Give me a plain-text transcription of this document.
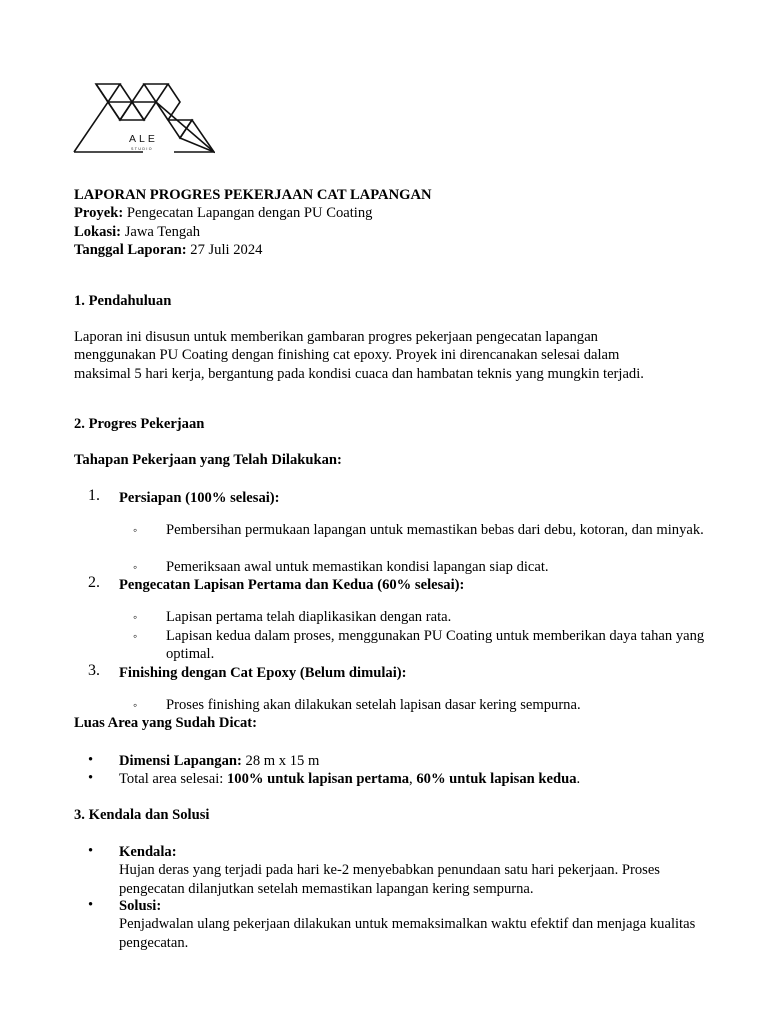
ALE
STUDIO

LAPORAN PROGRES PEKERJAAN CAT LAPANGAN

Proyek: Pengecatan Lapangan dengan PU Coating

Lokasi: Jawa Tengah

Tanggal Laporan: 27 Juli 2024

1. Pendahuluan

Laporan ini disusun untuk memberikan gambaran progres pekerjaan pengecatan lapangan

menggunakan PU Coating dengan finishing cat epoxy. Proyek ini direncanakan selesai dalam

maksimal 5 hari kerja, bergantung pada kondisi cuaca dan hambatan teknis yang mungkin terjadi.

2. Progres Pekerjaan

Tahapan Pekerjaan yang Telah Dilakukan:

1. Persiapan (100% selesai):

◦ Pembersihan permukaan lapangan untuk memastikan bebas dari debu, kotoran, dan minyak.

◦ Pemeriksaan awal untuk memastikan kondisi lapangan siap dicat.

2. Pengecatan Lapisan Pertama dan Kedua (60% selesai):

◦ Lapisan pertama telah diaplikasikan dengan rata.

◦ Lapisan kedua dalam proses, menggunakan PU Coating untuk memberikan daya tahan yang optimal.

3. Finishing dengan Cat Epoxy (Belum dimulai):

◦ Proses finishing akan dilakukan setelah lapisan dasar kering sempurna.

Luas Area yang Sudah Dicat:

• Dimensi Lapangan: 28 m x 15 m

• Total area selesai: 100% untuk lapisan pertama, 60% untuk lapisan kedua.

3. Kendala dan Solusi

• Kendala:

Hujan deras yang terjadi pada hari ke-2 menyebabkan penundaan satu hari pekerjaan. Proses pengecatan dilanjutkan setelah memastikan lapangan kering sempurna.

• Solusi:

Penjadwalan ulang pekerjaan dilakukan untuk memaksimalkan waktu efektif dan menjaga kualitas pengecatan.
